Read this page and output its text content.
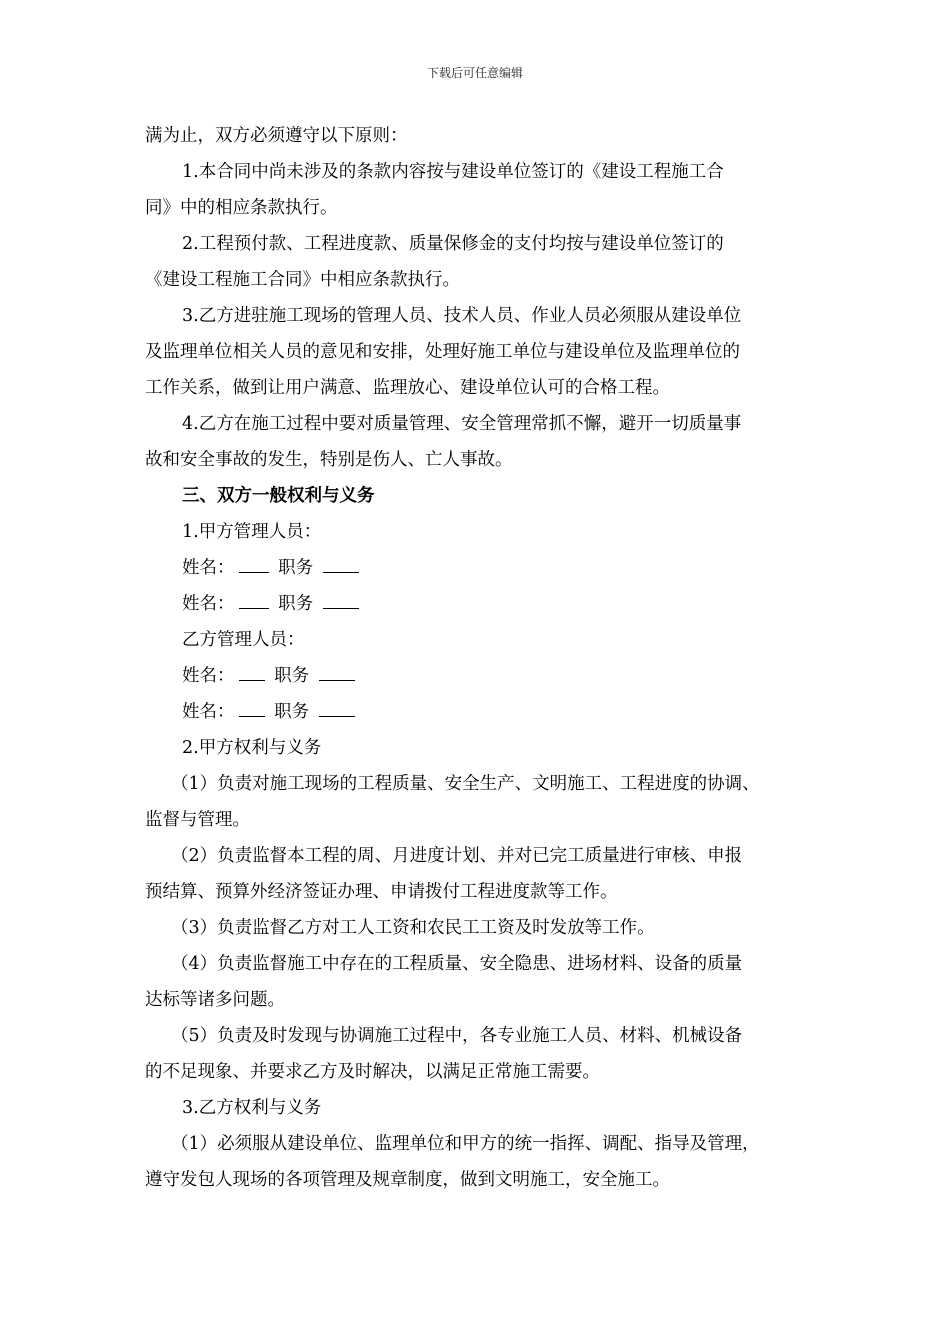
下载后可任意编辑

满为止，双方必须遵守以下原则：

1.本合同中尚未涉及的条款内容按与建设单位签订的《建设工程施工合

同》中的相应条款执行。

2.工程预付款、工程进度款、质量保修金的支付均按与建设单位签订的

《建设工程施工合同》中相应条款执行。

3.乙方进驻施工现场的管理人员、技术人员、作业人员必须服从建设单位

及监理单位相关人员的意见和安排，处理好施工单位与建设单位及监理单位的

工作关系，做到让用户满意、监理放心、建设单位认可的合格工程。

4.乙方在施工过程中要对质量管理、安全管理常抓不懈，避开一切质量事

故和安全事故的发生，特别是伤人、亡人事故。

三、双方一般权利与义务

1.甲方管理人员：

姓名： 职务

姓名： 职务

乙方管理人员：

姓名： 职务

姓名： 职务

2.甲方权利与义务

（1）负责对施工现场的工程质量、安全生产、文明施工、工程进度的协调、

监督与管理。

（2）负责监督本工程的周、月进度计划、并对已完工质量进行审核、申报

预结算、预算外经济签证办理、申请拨付工程进度款等工作。

（3）负责监督乙方对工人工资和农民工工资及时发放等工作。

（4）负责监督施工中存在的工程质量、安全隐患、进场材料、设备的质量

达标等诸多问题。

（5）负责及时发现与协调施工过程中，各专业施工人员、材料、机械设备

的不足现象、并要求乙方及时解决，以满足正常施工需要。

3.乙方权利与义务

（1）必须服从建设单位、监理单位和甲方的统一指挥、调配、指导及管理，

遵守发包人现场的各项管理及规章制度，做到文明施工，安全施工。
